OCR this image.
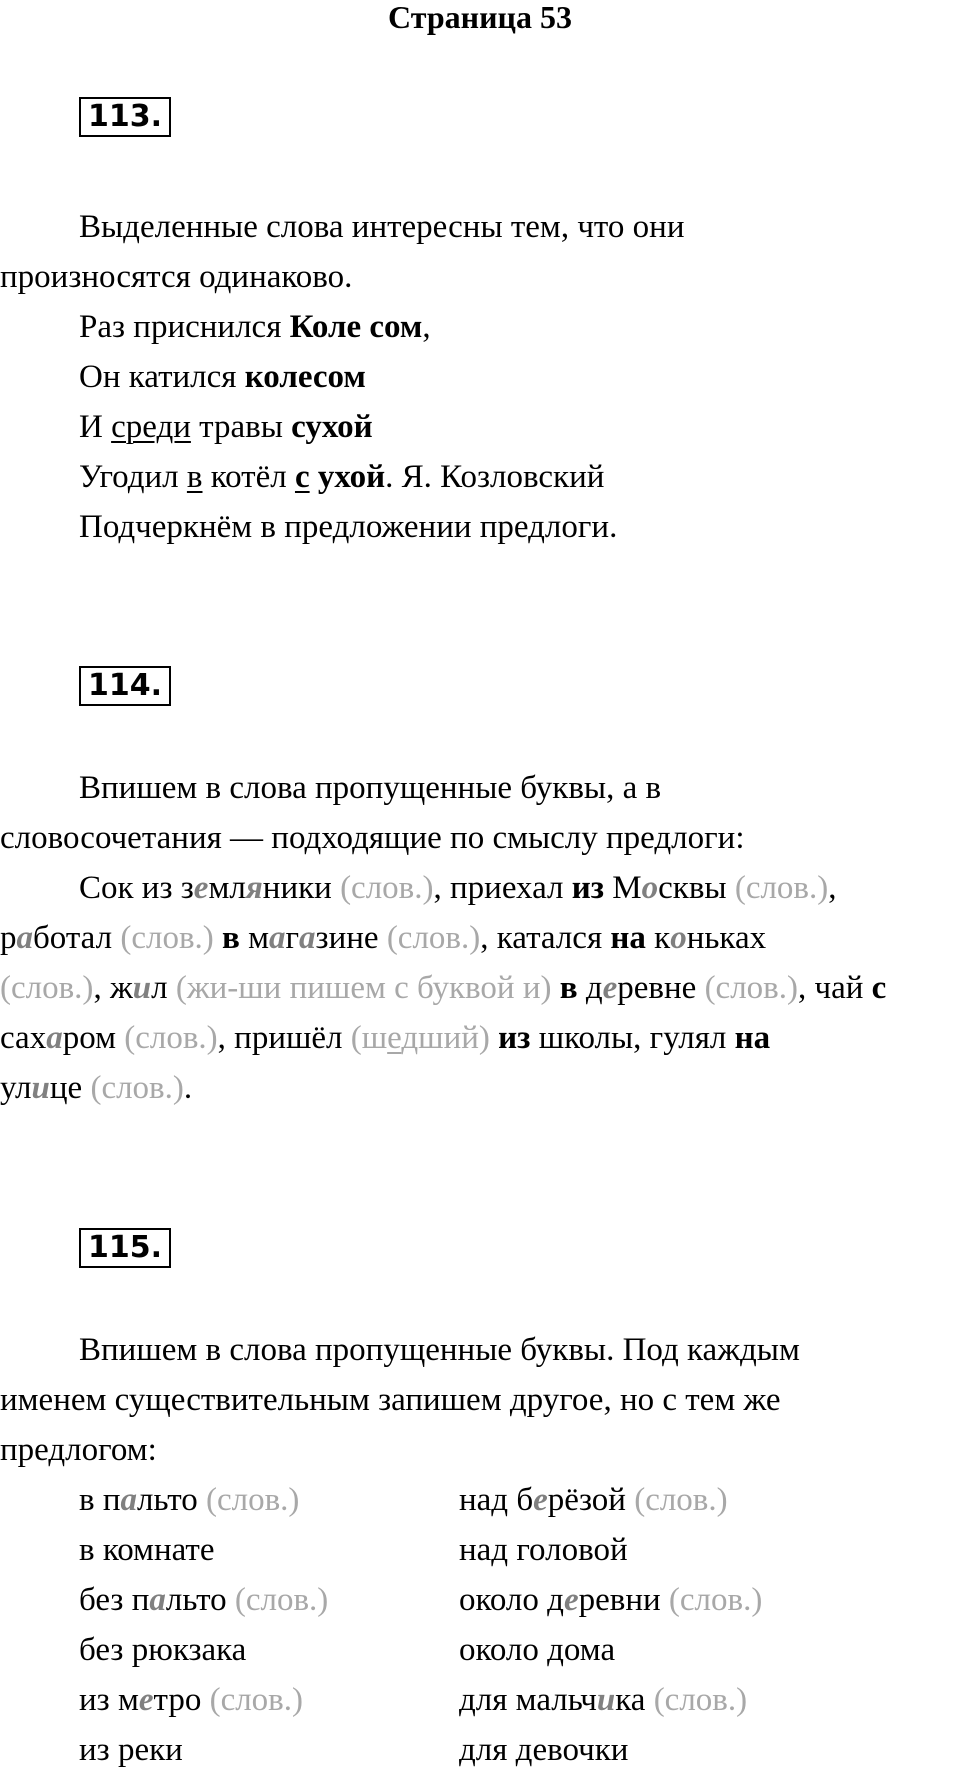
Страница 53
113.
Выделенные слова интересны тем, что они
произносятся одинаково.
Раз приснился Коле сом,
Он катился колесом
И среди травы сухой
Угодил в котёл с ухой. Я. Козловский
Подчеркнём в предложении предлоги.
114.
Впишем в слова пропущенные буквы, а в
словосочетания — подходящие по смыслу предлоги:
Сок из земляники (слов.), приехал из Москвы (слов.),
работал (слов.) в магазине (слов.), катался на коньках
(слов.), жил (жи-ши пишем с буквой и) в деревне (слов.), чай с
сахаром (слов.), пришёл (шедший) из школы, гулял на
улице (слов.).
115.
Впишем в слова пропущенные буквы. Под каждым
именем существительным запишем другое, но с тем же
предлогом:
в пальто (слов.)	над берёзой (слов.)
в комнате	над головой
без пальто (слов.)	около деревни (слов.)
без рюкзака	около дома
из метро (слов.)	для мальчика (слов.)
из реки	для девочки
